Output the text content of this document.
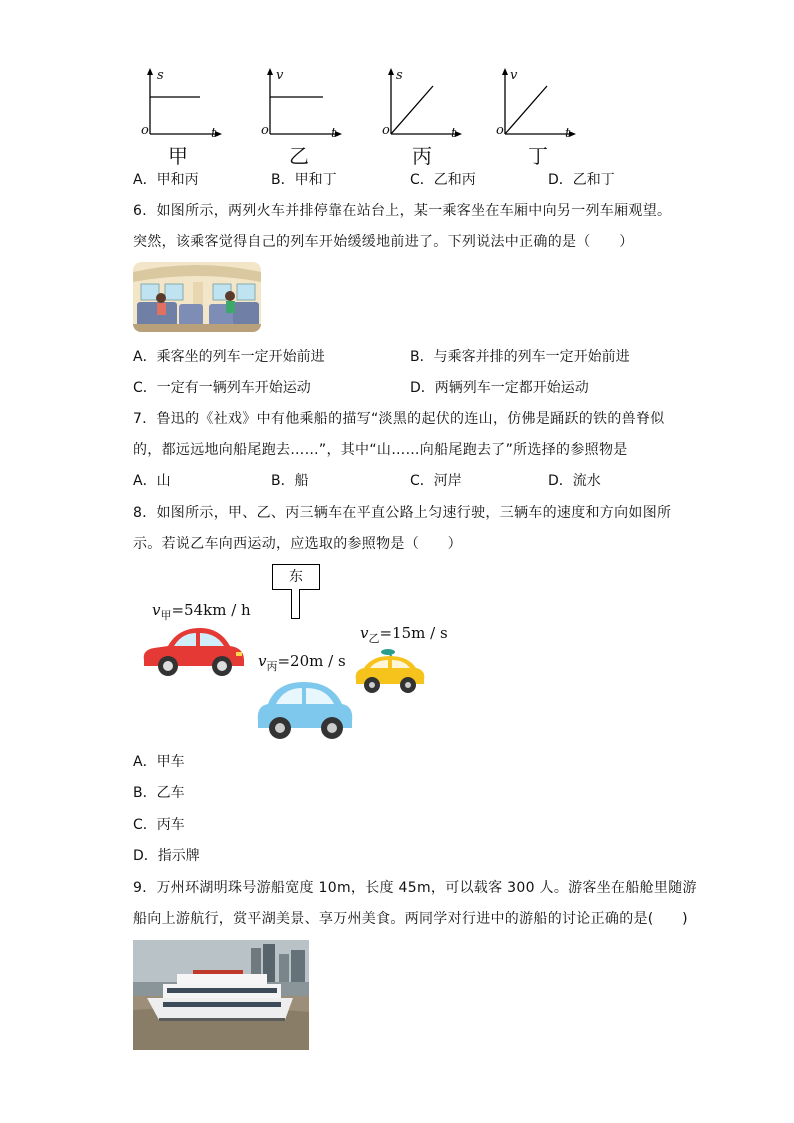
s
o	t
甲
v
o	t
乙
s
o	t
丙
v
o	t
丁
A．甲和丙	B．甲和丁	C．乙和丙	D．乙和丁
6．如图所示，两列火车并排停靠在站台上，某一乘客坐在车厢中向另一列车厢观望。
突然，该乘客觉得自己的列车开始缓缓地前进了。下列说法中正确的是（　　）
A．乘客坐的列车一定开始前进	B．与乘客并排的列车一定开始前进
C．一定有一辆列车开始运动	D．两辆列车一定都开始运动
7．鲁迅的《社戏》中有他乘船的描写“淡黑的起伏的连山，仿佛是踊跃的铁的兽脊似
的，都远远地向船尾跑去……”，其中“山……向船尾跑去了”所选择的参照物是
A．山	B．船	C．河岸	D．流水
8．如图所示，甲、乙、丙三辆车在平直公路上匀速行驶，三辆车的速度和方向如图所
示。若说乙车向西运动，应选取的参照物是（　　）
东
$v_甲=54km / h$
$v_丙=20m / s$
$v_乙=15m / s$
A．甲车
B．乙车
C．丙车
D．指示牌
9．万州环湖明珠号游船宽度 10m，长度 45m，可以载客 300 人。游客坐在船舱里随游
船向上游航行，赏平湖美景、享万州美食。两同学对行进中的游船的讨论正确的是(　　)
